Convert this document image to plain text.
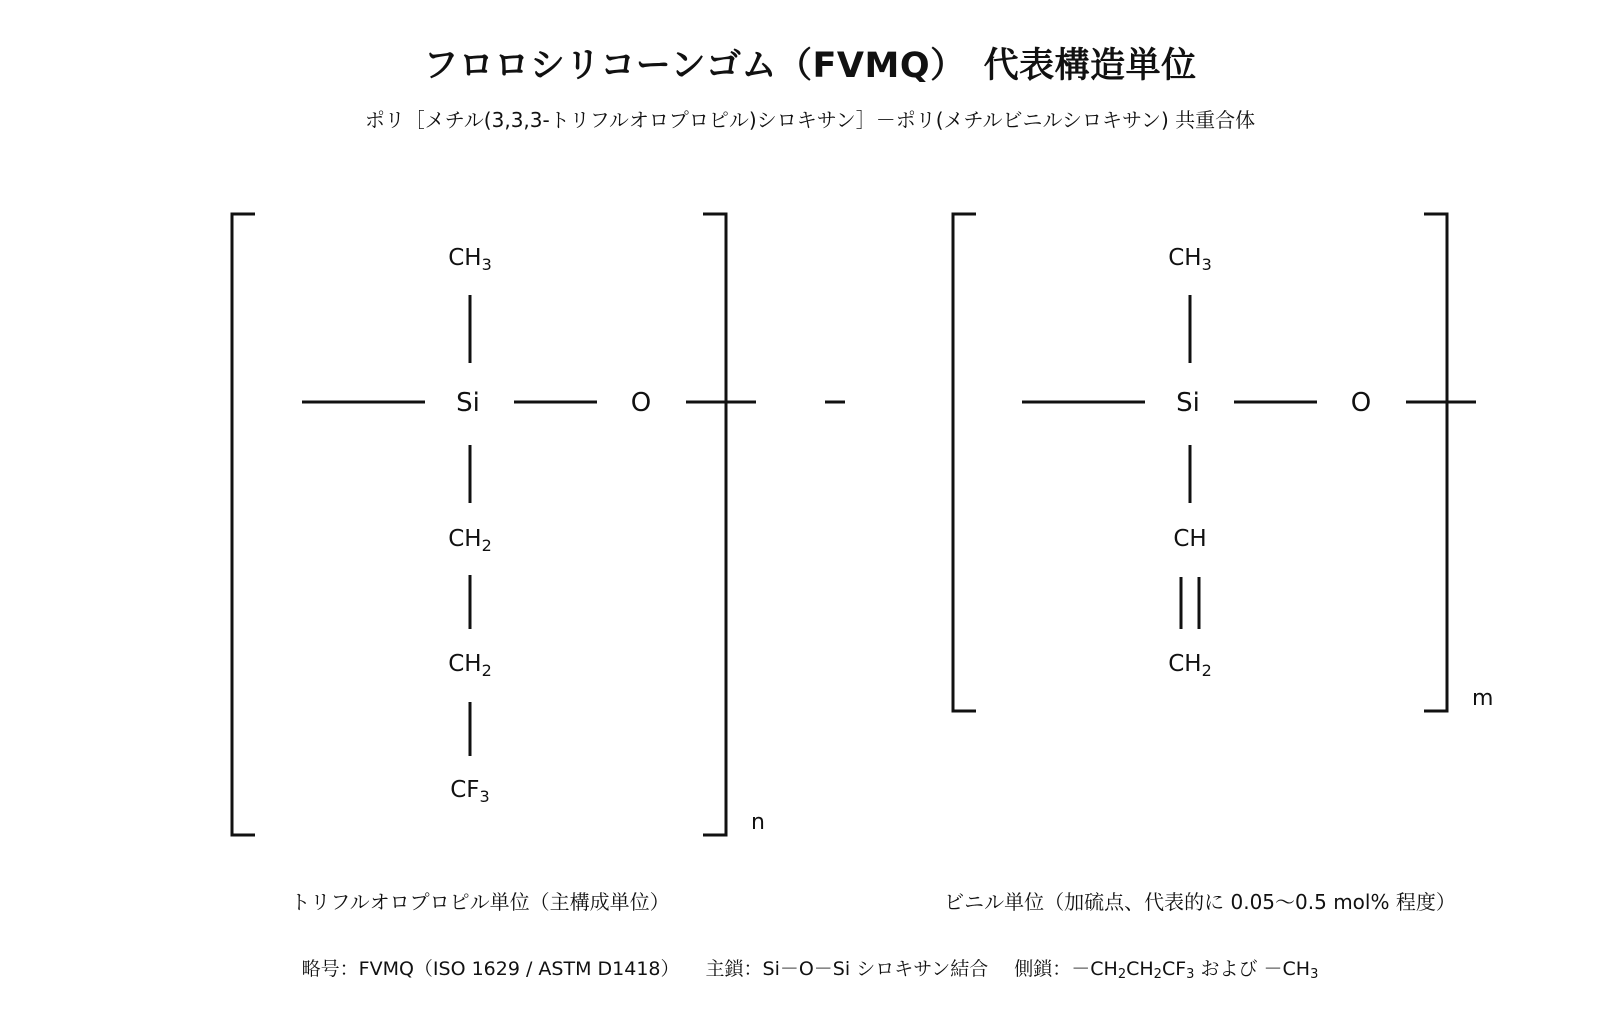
フロロシリコーンゴム（FVMQ）　代表構造単位
ポリ［メチル(3,3,3-トリフルオロプロピル)シロキサン］－ポリ(メチルビニルシロキサン) 共重合体
$CH_3$
Si	O
$CH_2$
$CH_2$
$CF_3$
n
$CH_3$
Si	O
CH
$CH_2$
m
トリフルオロプロピル単位（主構成単位）	ビニル単位（加硫点、代表的に 0.05〜0.5 mol% 程度）
略号：FVMQ（ISO 1629 / ASTM D1418） 主鎖：Si－O－Si シロキサン結合 側鎖：$-CH_2CH_2CF_3$ および $-CH_3$
